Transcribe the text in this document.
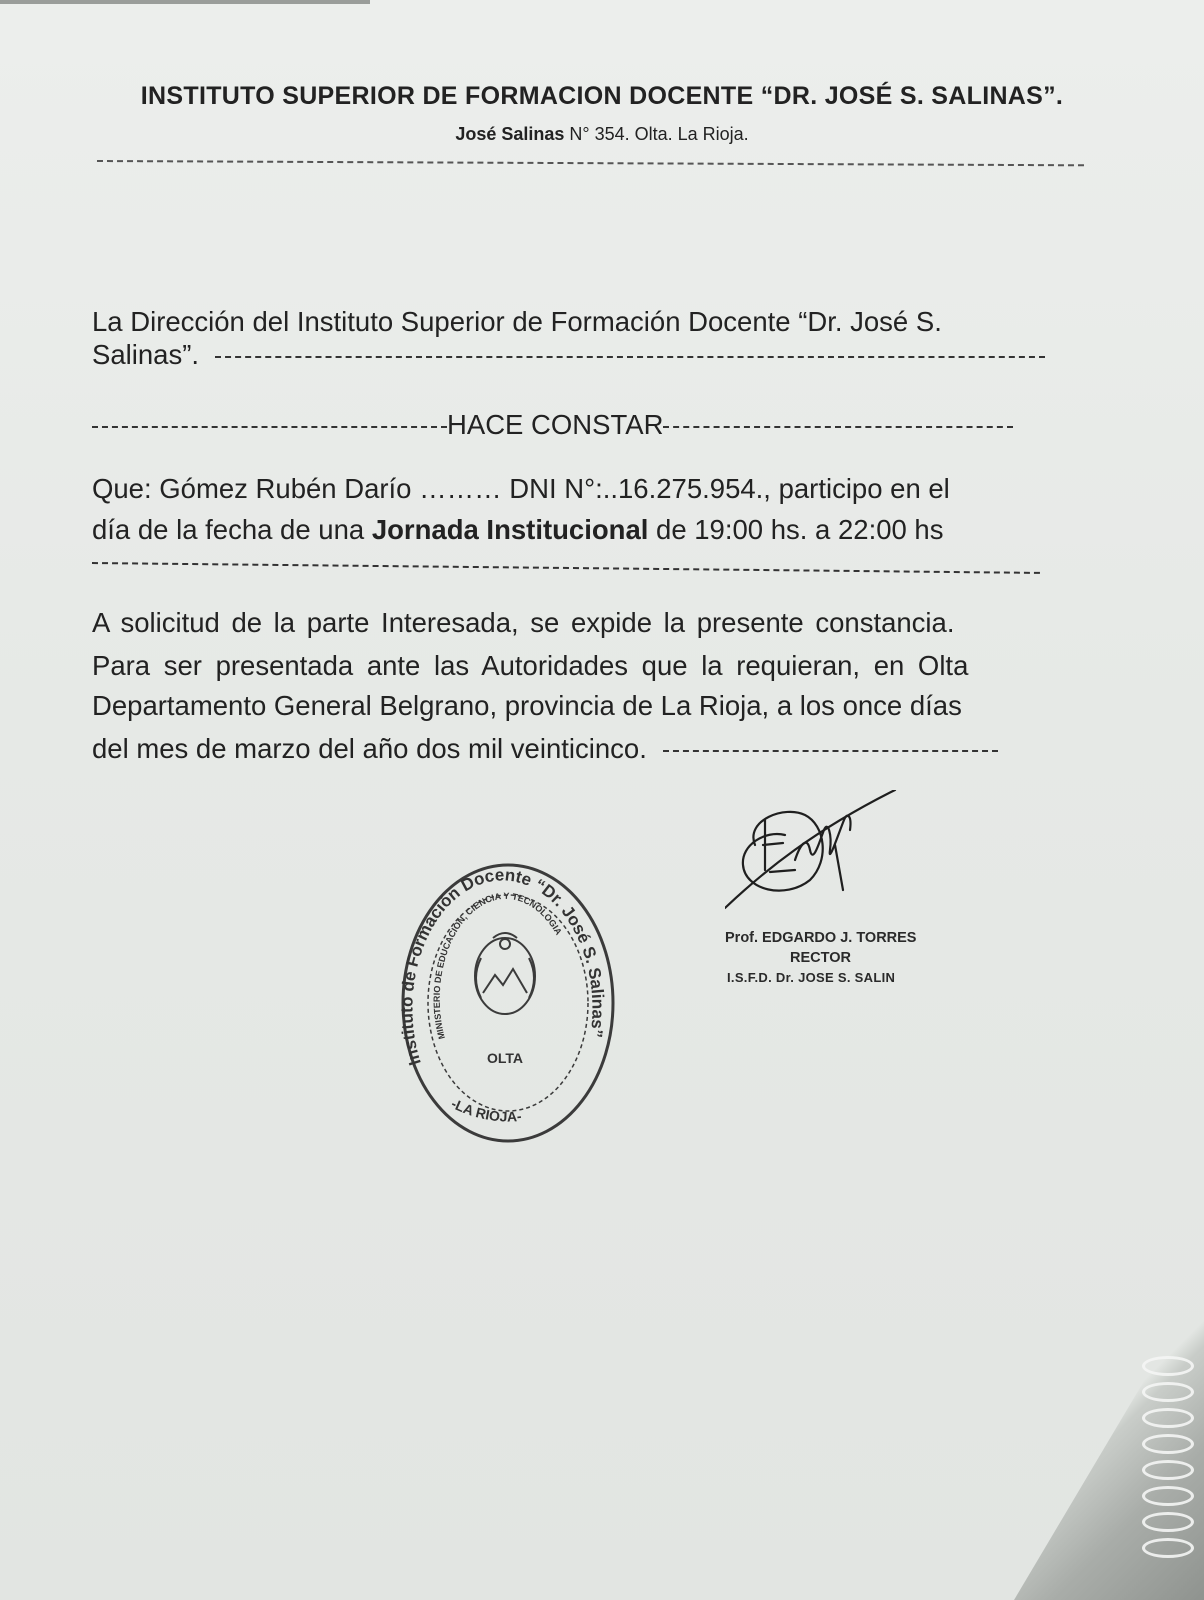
INSTITUTO SUPERIOR DE FORMACION DOCENTE “DR. JOSÉ S. SALINAS”.
José Salinas N° 354. Olta. La Rioja.
La Dirección del Instituto Superior de Formación Docente “Dr. José S.
Salinas”.
HACE CONSTAR
Que: Gómez Rubén Darío ……… DNI N°:..16.275.954., participo en el
día de la fecha de una Jornada Institucional de 19:00 hs. a 22:00 hs
A solicitud de la parte Interesada, se expide la presente constancia.
Para ser presentada ante las Autoridades que la requieran, en Olta
Departamento General Belgrano, provincia de La Rioja, a los once días
del mes de marzo del año dos mil veinticinco.
Instituto de Formación Docente “Dr. José S. Salinas”
MINISTERIO DE EDUCACION, CIENCIA Y TECNOLOGIA
OLTA
-LA RIOJA-
Prof. EDGARDO J. TORRES
RECTOR
I.S.F.D. Dr. JOSE S. SALIN
